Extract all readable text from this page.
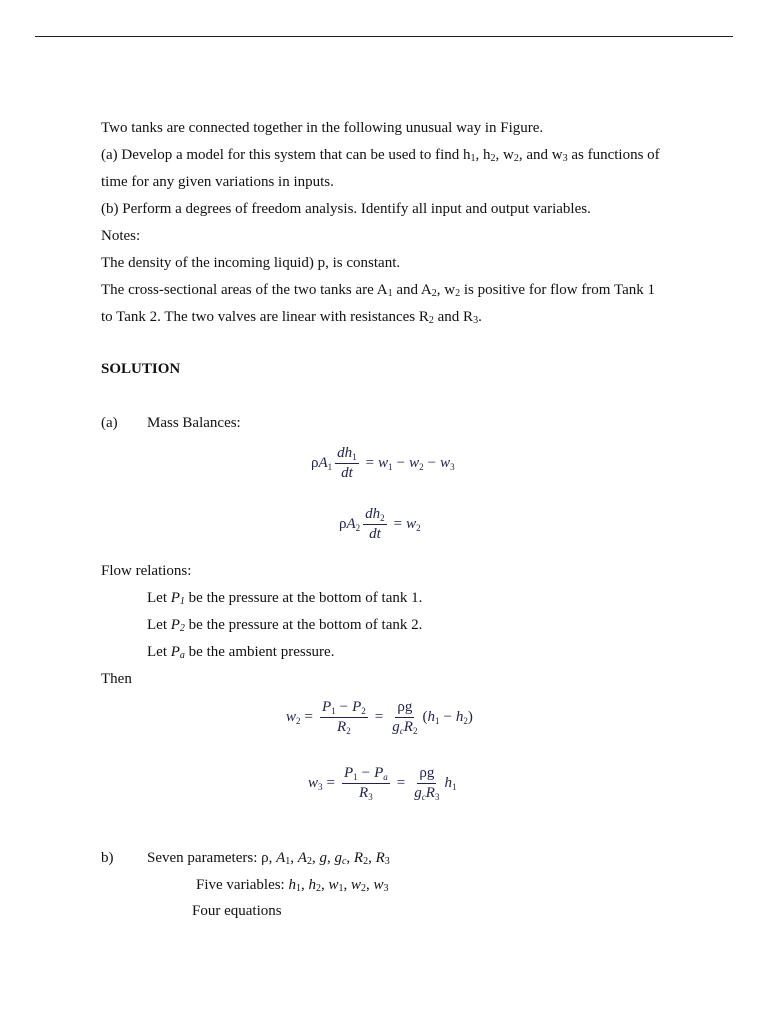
Two tanks are connected together in the following unusual way in Figure.
(a) Develop a model for this system that can be used to find $h_1$, $h_2$, $w_2$, and $w_3$ as functions of
time for any given variations in inputs.
(b) Perform a degrees of freedom analysis. Identify all input and output variables.
Notes:
The density of the incoming liquid) p, is constant.
The cross-sectional areas of the two tanks are $A_1$ and $A_2$, $w_2$ is positive for flow from Tank 1
to Tank 2. The two valves are linear with resistances $R_2$ and $R_3$.
SOLUTION
(a) Mass Balances:
$\rho A_1 \frac{dh_1}{dt} = w_1 - w_2 - w_3$
$\rho A_2 \frac{dh_2}{dt} = w_2$
Flow relations:
Let $P_1$ be the pressure at the bottom of tank 1.
Let $P_2$ be the pressure at the bottom of tank 2.
Let $P_a$ be the ambient pressure.
Then
$w_2 = \frac{P_1 - P_2}{R_2} = \frac{\rho g}{g_cR_2}$ ( $h_1 - h_2$ )
$w_3 = \frac{P_1 - P_a}{R_3} = \frac{\rho g}{g_cR_3} h_1$
b) Seven parameters: ρ, $A_1$, $A_2$, g, $g_c$, $R_2$, $R_3$
Five variables: $h_1$, $h_2$, $w_1$, $w_2$, $w_3$
Four equations
